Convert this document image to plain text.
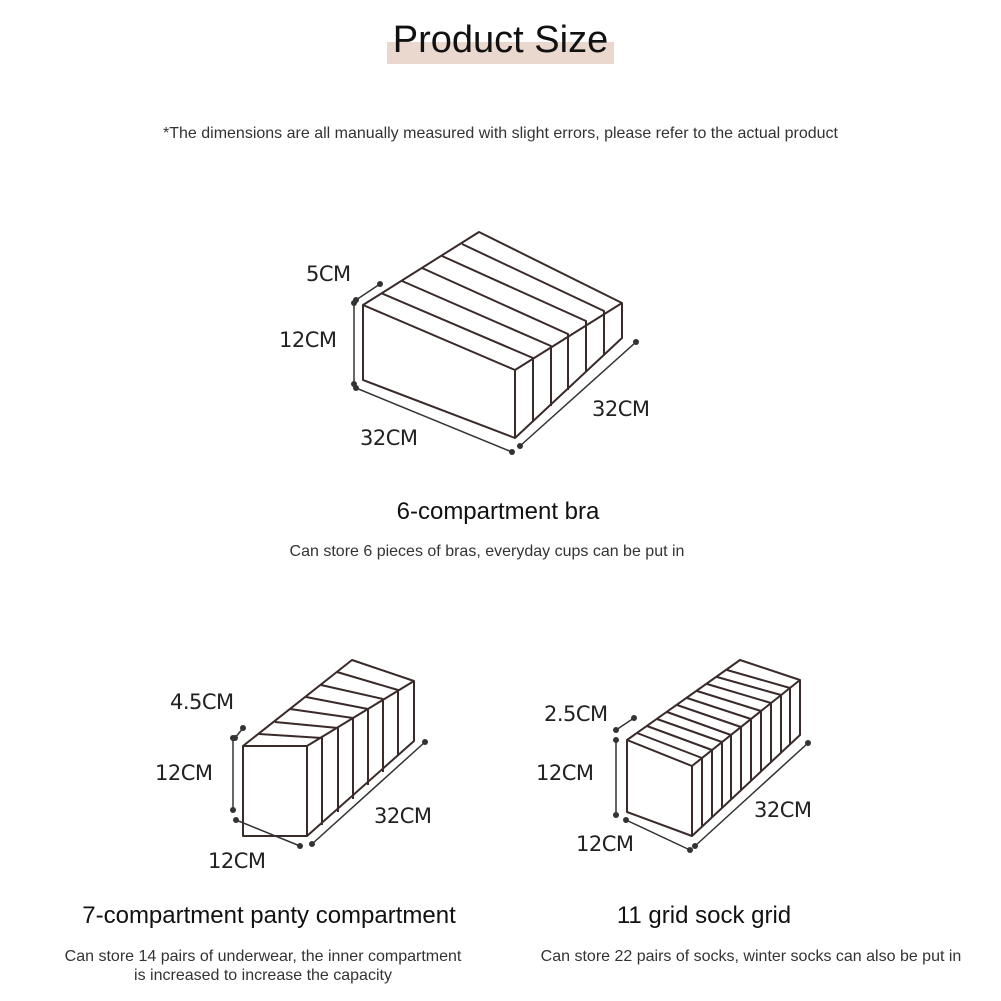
Product Size
*The dimensions are all manually measured with slight errors, please refer to the actual product
5CM
12CM
32CM
32CM
6-compartment bra
Can store 6 pieces of bras, everyday cups can be put in
4.5CM
12CM
12CM
32CM
7-compartment panty compartment
Can store 14 pairs of underwear, the inner compartment
is increased to increase the capacity
2.5CM
12CM
12CM
32CM
11 grid sock grid
Can store 22 pairs of socks, winter socks can also be put in
